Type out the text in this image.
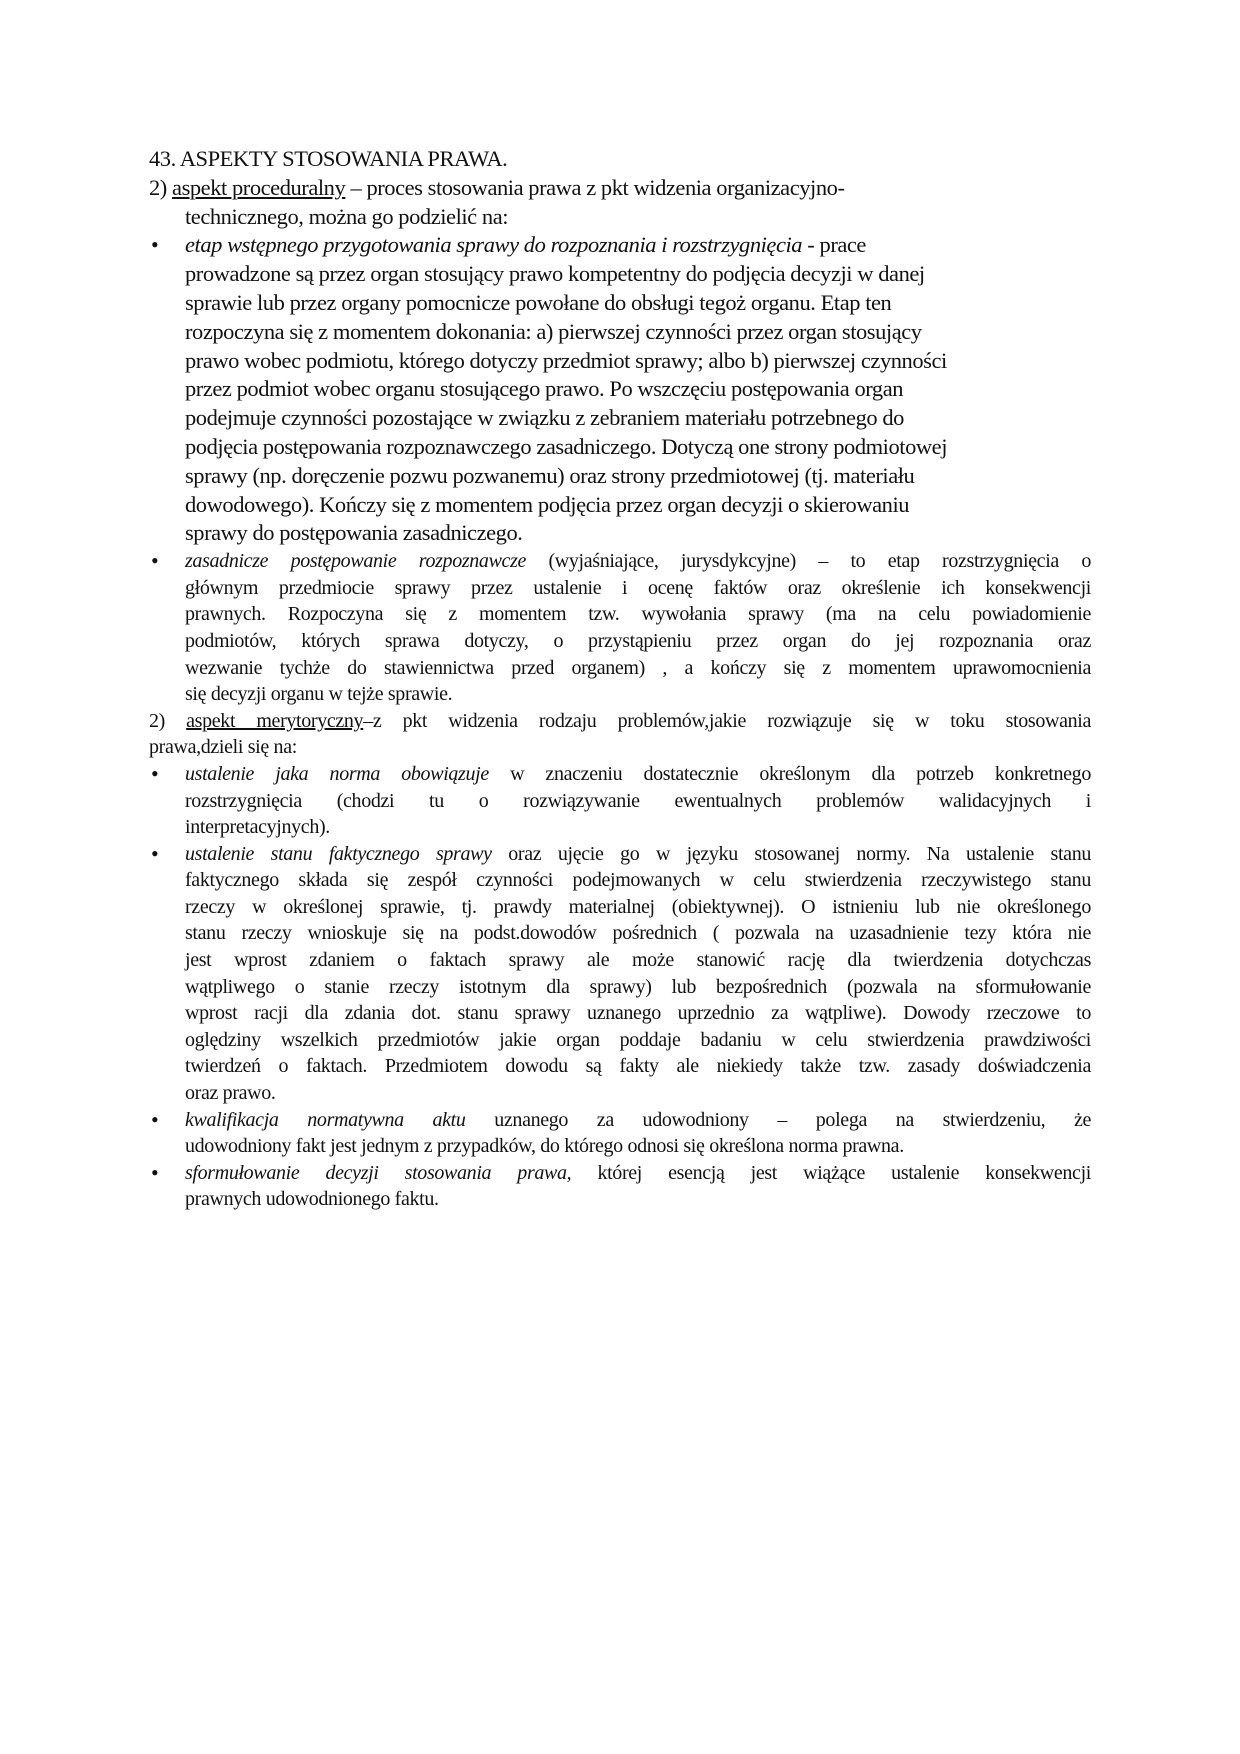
43. ASPEKTY STOSOWANIA PRAWA.
2) aspekt proceduralny – proces stosowania prawa z pkt widzenia organizacyjno-
technicznego, można go podzielić na:
• etap wstępnego przygotowania sprawy do rozpoznania i rozstrzygnięcia - prace
prowadzone są przez organ stosujący prawo kompetentny do podjęcia decyzji w danej
sprawie lub przez organy pomocnicze powołane do obsługi tegoż organu. Etap ten
rozpoczyna się z momentem dokonania: a) pierwszej czynności przez organ stosujący
prawo wobec podmiotu, którego dotyczy przedmiot sprawy; albo b) pierwszej czynności
przez podmiot wobec organu stosującego prawo. Po wszczęciu postępowania organ
podejmuje czynności pozostające w związku z zebraniem materiału potrzebnego do
podjęcia postępowania rozpoznawczego zasadniczego. Dotyczą one strony podmiotowej
sprawy (np. doręczenie pozwu pozwanemu) oraz strony przedmiotowej (tj. materiału
dowodowego). Kończy się z momentem podjęcia przez organ decyzji o skierowaniu
sprawy do postępowania zasadniczego.
• zasadnicze postępowanie rozpoznawcze (wyjaśniające, jurysdykcyjne) – to etap rozstrzygnięcia o
głównym przedmiocie sprawy przez ustalenie i ocenę faktów oraz określenie ich konsekwencji
prawnych. Rozpoczyna się z momentem tzw. wywołania sprawy (ma na celu powiadomienie
podmiotów, których sprawa dotyczy, o przystąpieniu przez organ do jej rozpoznania oraz
wezwanie tychże do stawiennictwa przed organem) , a kończy się z momentem uprawomocnienia
się decyzji organu w tejże sprawie.
2) aspekt merytoryczny–z pkt widzenia rodzaju problemów,jakie rozwiązuje się w toku stosowania
prawa,dzieli się na:
• ustalenie jaka norma obowiązuje w znaczeniu dostatecznie określonym dla potrzeb konkretnego
rozstrzygnięcia (chodzi tu o rozwiązywanie ewentualnych problemów walidacyjnych i
interpretacyjnych).
• ustalenie stanu faktycznego sprawy oraz ujęcie go w języku stosowanej normy. Na ustalenie stanu
faktycznego składa się zespół czynności podejmowanych w celu stwierdzenia rzeczywistego stanu
rzeczy w określonej sprawie, tj. prawdy materialnej (obiektywnej). O istnieniu lub nie określonego
stanu rzeczy wnioskuje się na podst.dowodów pośrednich ( pozwala na uzasadnienie tezy która nie
jest wprost zdaniem o faktach sprawy ale może stanowić rację dla twierdzenia dotychczas
wątpliwego o stanie rzeczy istotnym dla sprawy) lub bezpośrednich (pozwala na sformułowanie
wprost racji dla zdania dot. stanu sprawy uznanego uprzednio za wątpliwe). Dowody rzeczowe to
oględziny wszelkich przedmiotów jakie organ poddaje badaniu w celu stwierdzenia prawdziwości
twierdzeń o faktach. Przedmiotem dowodu są fakty ale niekiedy także tzw. zasady doświadczenia
oraz prawo.
• kwalifikacja normatywna aktu uznanego za udowodniony – polega na stwierdzeniu, że
udowodniony fakt jest jednym z przypadków, do którego odnosi się określona norma prawna.
• sformułowanie decyzji stosowania prawa, której esencją jest wiążące ustalenie konsekwencji
prawnych udowodnionego faktu.
